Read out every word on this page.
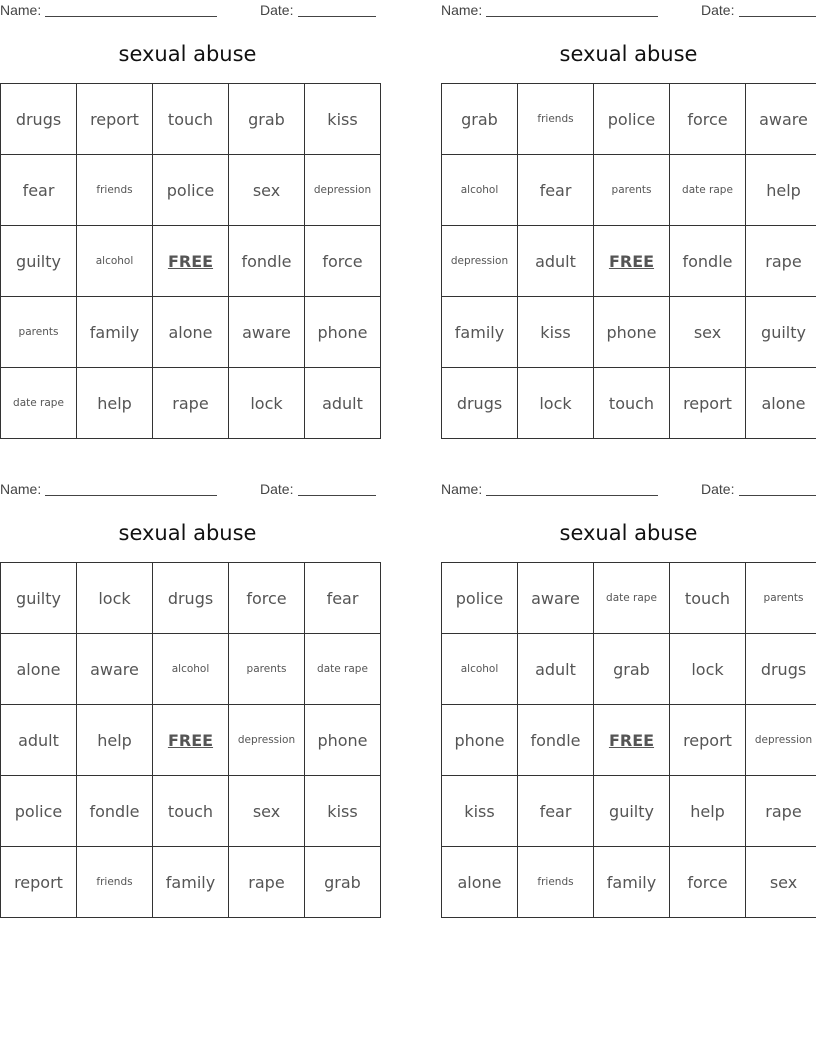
Name:	Date:
sexual abuse
drugs	report	touch	grab	kiss
fear	friends	police	sex	depression
guilty	alcohol	FREE	fondle	force
parents	family	alone	aware	phone
date rape	help	rape	lock	adult
Name:	Date:
sexual abuse
grab	friends	police	force	aware
alcohol	fear	parents	date rape	help
depression	adult	FREE	fondle	rape
family	kiss	phone	sex	guilty
drugs	lock	touch	report	alone
Name:	Date:
sexual abuse
guilty	lock	drugs	force	fear
alone	aware	alcohol	parents	date rape
adult	help	FREE	depression	phone
police	fondle	touch	sex	kiss
report	friends	family	rape	grab
Name:	Date:
sexual abuse
police	aware	date rape	touch	parents
alcohol	adult	grab	lock	drugs
phone	fondle	FREE	report	depression
kiss	fear	guilty	help	rape
alone	friends	family	force	sex
